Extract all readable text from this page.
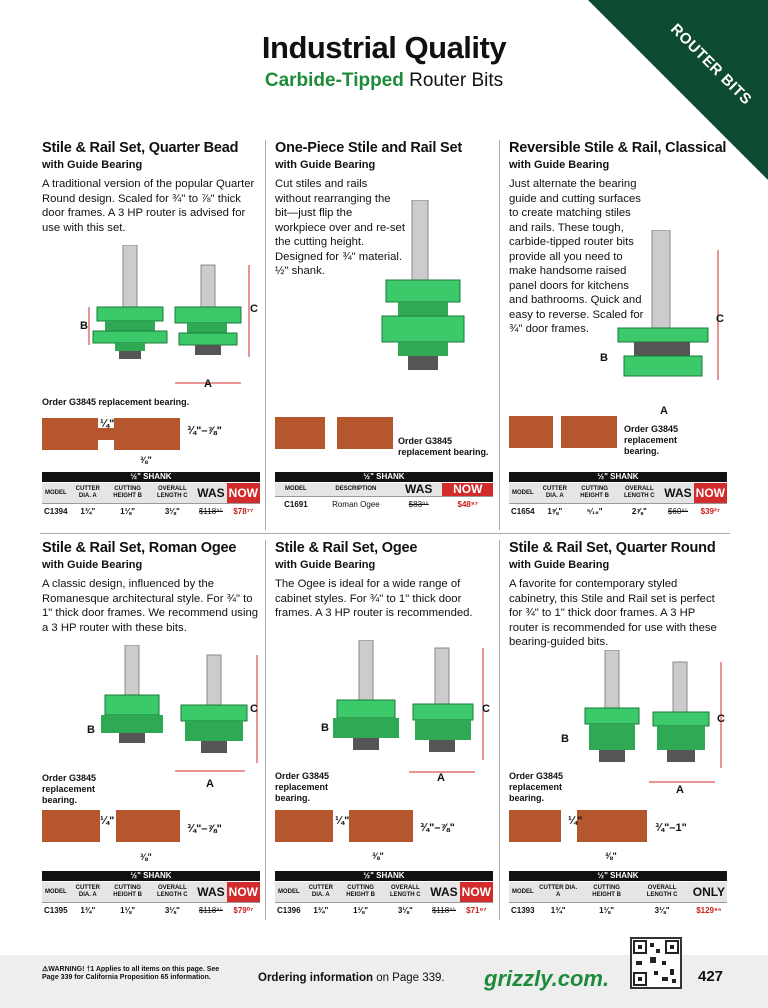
ROUTER BITS
Industrial Quality
Carbide-Tipped Router Bits
Stile & Rail Set, Quarter Bead
with Guide Bearing

A traditional version of the popular Quarter Round design. Scaled for ¾" to ⅞" thick door frames. A 3 HP router is advised for use with this set.

B
C
A
Order G3845 replacement bearing.
¼"
¾"–⅞"
⅜"
½" SHANK
MODEL	CUTTER DIA. A	CUTTING HEIGHT B	OVERALL LENGTH C	WAS	NOW
C1394	1¾"	1⅛"	3⅛"	$118⁹⁵	$78⁷⁷
One-Piece Stile and Rail Set
with Guide Bearing

Cut stiles and rails without rearranging the bit—just flip the workpiece over and re-set the cutting height. Designed for ¾" material. ½" shank.

Order G3845 replacement bearing.
½" SHANK
MODEL	DESCRIPTION	WAS	NOW
C1691	Roman Ogee	$83⁹⁵	$48⁹⁷
Reversible Stile & Rail, Classical
with Guide Bearing

Just alternate the bearing guide and cutting surfaces to create matching stiles and rails. These tough, carbide-tipped router bits provide all you need to make handsome raised panel doors for kitchens and bathrooms. Quick and easy to reverse. Scaled for ¾" door frames.

B
C
A
Order G3845 replacement bearing.
½" SHANK
MODEL	CUTTER DIA. A	CUTTING HEIGHT B	OVERALL LENGTH C	WAS	NOW
C1654	1⅝"	⁵⁄₁₆"	2⅞"	$60⁹⁵	$39²⁷
Stile & Rail Set, Roman Ogee
with Guide Bearing

A classic design, influenced by the Romanesque architectural style. For ¾" to 1" thick door frames. We recommend using a 3 HP router with these bits.

B
C
A
Order G3845 replacement bearing.
¼"
¾"–⅞"
⅜"
½" SHANK
MODEL	CUTTER DIA. A	CUTTING HEIGHT B	OVERALL LENGTH C	WAS	NOW
C1395	1¾"	1⅛"	3⅛"	$118⁹⁵	$79⁰⁷
Stile & Rail Set, Ogee
with Guide Bearing

The Ogee is ideal for a wide range of cabinet styles. For ¾" to 1" thick door frames. A 3 HP router is recommended.

B
C
A
Order G3845 replacement bearing.
¼"
¾"–⅞"
⅜"
½" SHANK
MODEL	CUTTER DIA. A	CUTTING HEIGHT B	OVERALL LENGTH C	WAS	NOW
C1396	1¾"	1⅛"	3⅛"	$118⁹⁵	$71⁹⁷
Stile & Rail Set, Quarter Round
with Guide Bearing

A favorite for contemporary styled cabinetry, this Stile and Rail set is perfect for ¾" to 1" thick door frames. A 3 HP router is recommended for use with these bearing-guided bits.

B
C
A
Order G3845 replacement bearing.
¼"
¾"–1"
⅜"
½" SHANK
MODEL	CUTTER DIA. A	CUTTING HEIGHT B	OVERALL LENGTH C	ONLY
C1393	1¾"	1⅛"	3⅛"	$129⁹⁵
⚠WARNING! †1 Applies to all items on this page. See Page 339 for California Proposition 65 information.	Ordering information on Page 339. grizzly.com.	427
